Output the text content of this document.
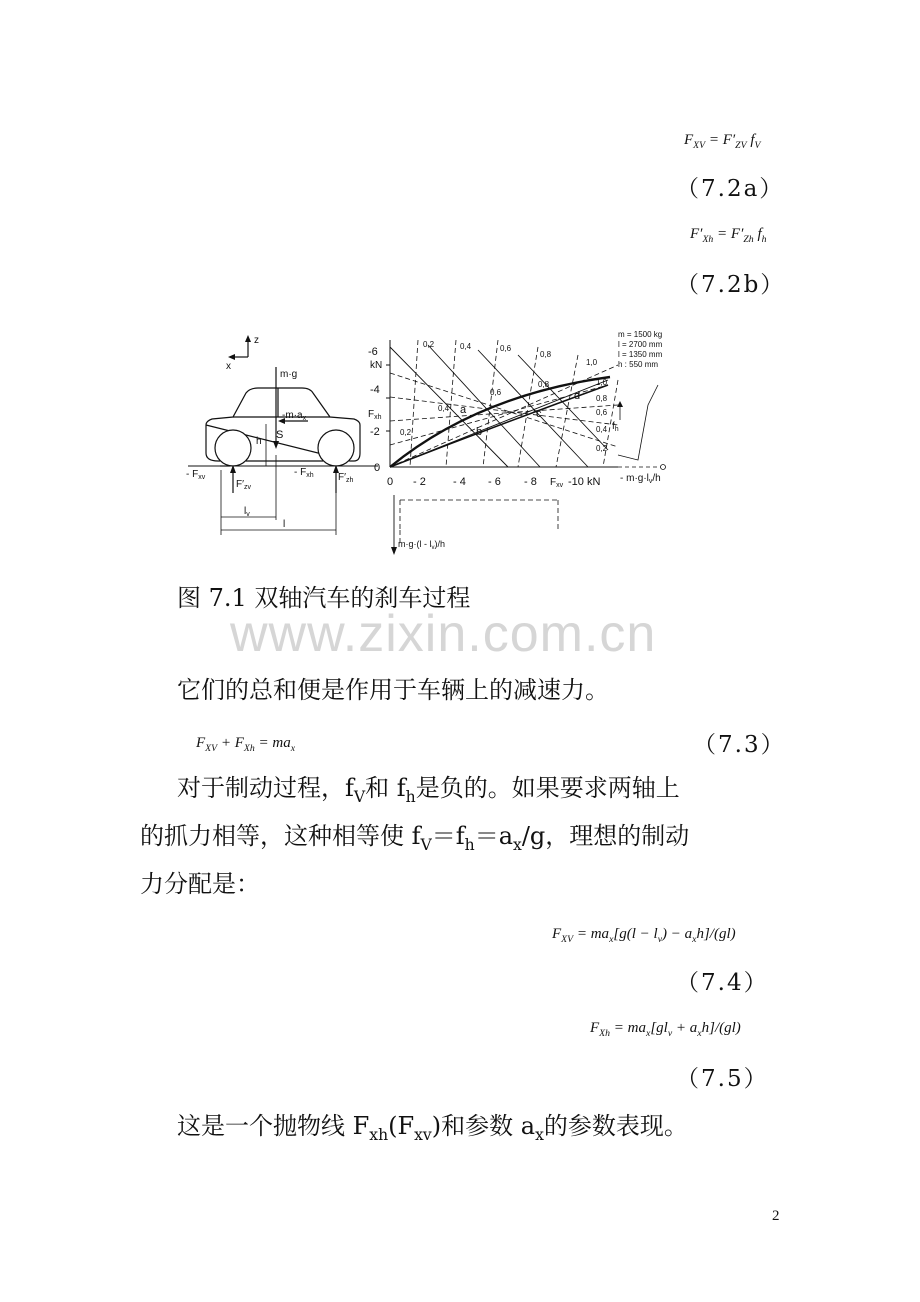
$F_{XV} = F'_{ZV}$ $f_V$
（7.2a）
$F'_{Xh} = F'_{Zh}$ $f_h$
（7.2b）
z
x
m·g
$-m\cdot a_x$
S
h
- $F_{xv}$
$F'_{zv}$
- $F_{xh}$ $F'_{zh}$
$l_v$
l
-6
kN
-4
$F_{xh}$
-2
0
0 - 2 - 4 - 6 - 8 $F_{xv}$ -10 kN - $m\cdot g\cdot l_v/h$
a
b
c
d
0,2	0,4	0,6
0,8
1,0
1,0
0,8
0,6
0,4
0,2
$f_h$
0,2
0,4
0,6
0,8
m = 1500 kg
l = 2700 mm
l = 1350 mm
h : 550 mm
$m\cdot g\cdot(l - l_v)/h$
图 7.1 双轴汽车的刹车过程
www.zixin.com.cn
它们的总和便是作用于车辆上的减速力。
$F_{XV} + F_{Xh} = ma_x$	（7.3）
对于制动过程，$f_V$和 $f_h$是负的。如果要求两轴上
的抓力相等，这种相等使 $f_V=f_h=a_x/g$，理想的制动
力分配是：
$F_{XV} = ma_x[g(l - l_v) - a_xh]/(gl)$
（7.4）
$F_{Xh} = ma_x[gl_v + a_xh]/(gl)$
（7.5）
这是一个抛物线 $F_{xh}(F_{xv})$和参数 $a_x$的参数表现。
2
